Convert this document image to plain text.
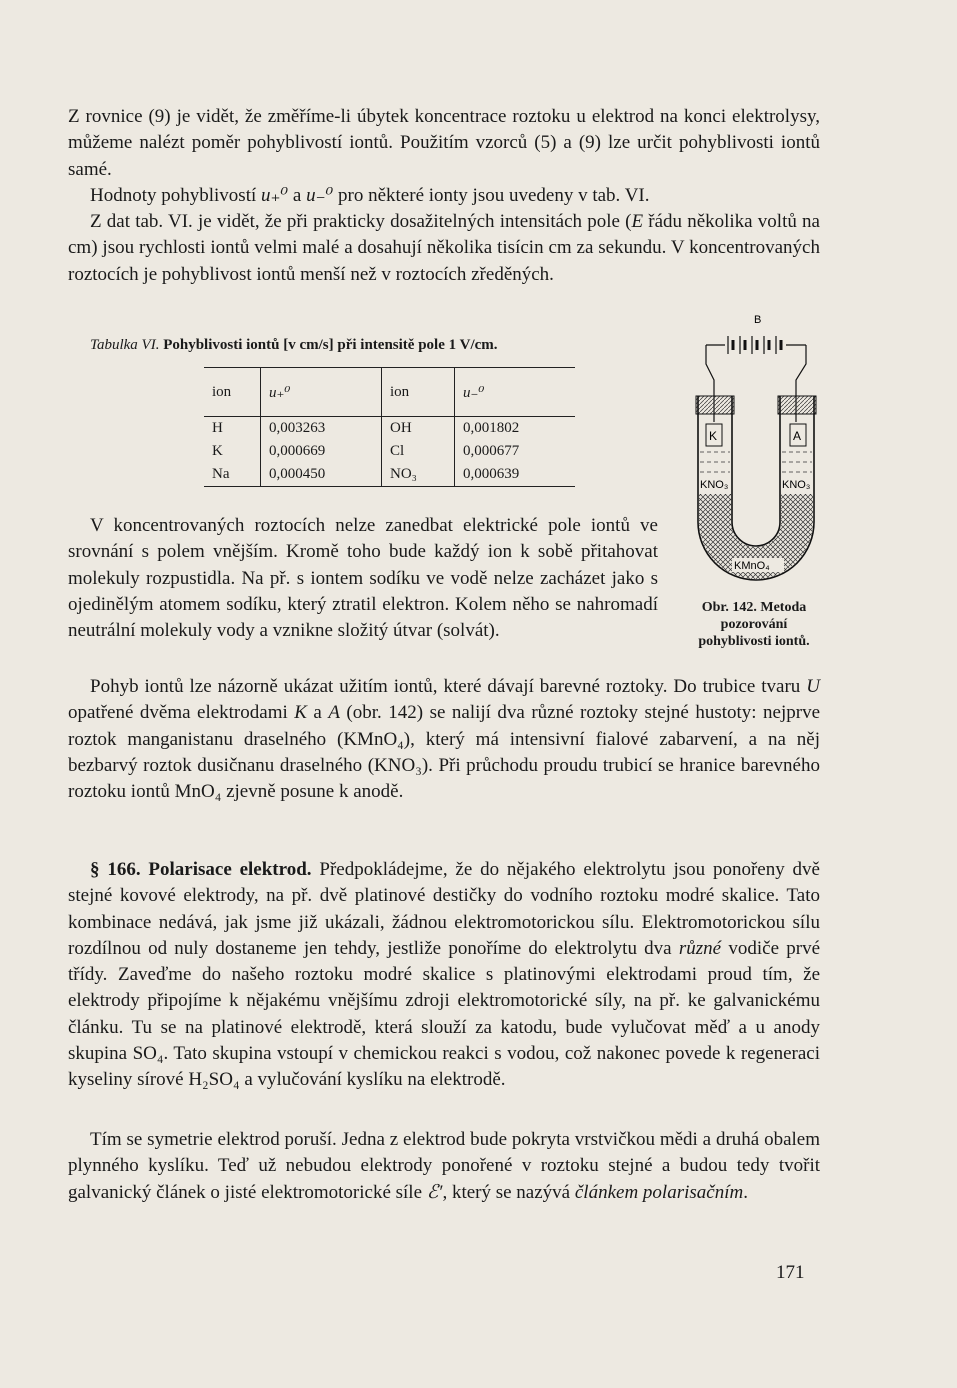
Z rovnice (9) je vidět, že změříme-li úbytek koncentrace roztoku u elektrod na konci elektrolysy, můžeme nalézt poměr pohyblivostí iontů. Použitím vzorců (5) a (9) lze určit pohyblivosti iontů samé.
Hodnoty pohyblivostí u₊⁰ a u₋⁰ pro některé ionty jsou uvedeny v tab. VI.
Z dat tab. VI. je vidět, že při prakticky dosažitelných intensitách pole (E řádu několika voltů na cm) jsou rychlosti iontů velmi malé a dosahují několika tisícin cm za sekundu. V koncentrovaných roztocích je pohyblivost iontů menší než v roztocích zředěných.

Tabulka VI. Pohyblivosti iontů [v cm/s] při intensitě pole 1 V/cm.
ion	u₊⁰	ion	u₋⁰
H	0,003263	OH	0,001802
K	0,000669	Cl	0,000677
Na	0,000450	NO₃	0,000639

V koncentrovaných roztocích nelze zanedbat elektrické pole iontů ve srovnání s polem vnějším. Kromě toho bude každý ion k sobě přitahovat molekuly rozpustidla. Na př. s iontem sodíku ve vodě nelze zacházet jako s ojedinělým atomem sodíku, který ztratil elektron. Kolem něho se nahromadí neutrální molekuly vody a vznikne složitý útvar (solvát).

B
K	A
KNO₃	KNO₃
KMnO₄
Obr. 142. Metoda pozorování pohyblivosti iontů.

Pohyb iontů lze názorně ukázat užitím iontů, které dávají barevné roztoky. Do trubice tvaru U opatřené dvěma elektrodami K a A (obr. 142) se nalijí dva různé roztoky stejné hustoty: nejprve roztok manganistanu draselného (KMnO₄), který má intensivní fialové zabarvení, a na něj bezbarvý roztok dusičnanu draselného (KNO₃). Při průchodu proudu trubicí se hranice barevného roztoku iontů MnO₄ zjevně posune k anodě.

§ 166. Polarisace elektrod. Předpokládejme, že do nějakého elektrolytu jsou ponořeny dvě stejné kovové elektrody, na př. dvě platinové destičky do vodního roztoku modré skalice. Tato kombinace nedává, jak jsme již ukázali, žádnou elektromotorickou sílu. Elektromotorickou sílu rozdílnou od nuly dostaneme jen tehdy, jestliže ponoříme do elektrolytu dva různé vodiče prvé třídy. Zaveďme do našeho roztoku modré skalice s platinovými elektrodami proud tím, že elektrody připojíme k nějakému vnějšímu zdroji elektromotorické síly, na př. ke galvanickému článku. Tu se na platinové elektrodě, která slouží za katodu, bude vylučovat měď a u anody skupina SO₄. Tato skupina vstoupí v chemickou reakci s vodou, což nakonec povede k regeneraci kyseliny sírové H₂SO₄ a vylučování kyslíku na elektrodě.

Tím se symetrie elektrod poruší. Jedna z elektrod bude pokryta vrstvičkou mědi a druhá obalem plynného kyslíku. Teď už nebudou elektrody ponořené v roztoku stejné a budou tedy tvořit galvanický článek o jisté elektromotorické síle ℰ′, který se nazývá článkem polarisačním.

171
